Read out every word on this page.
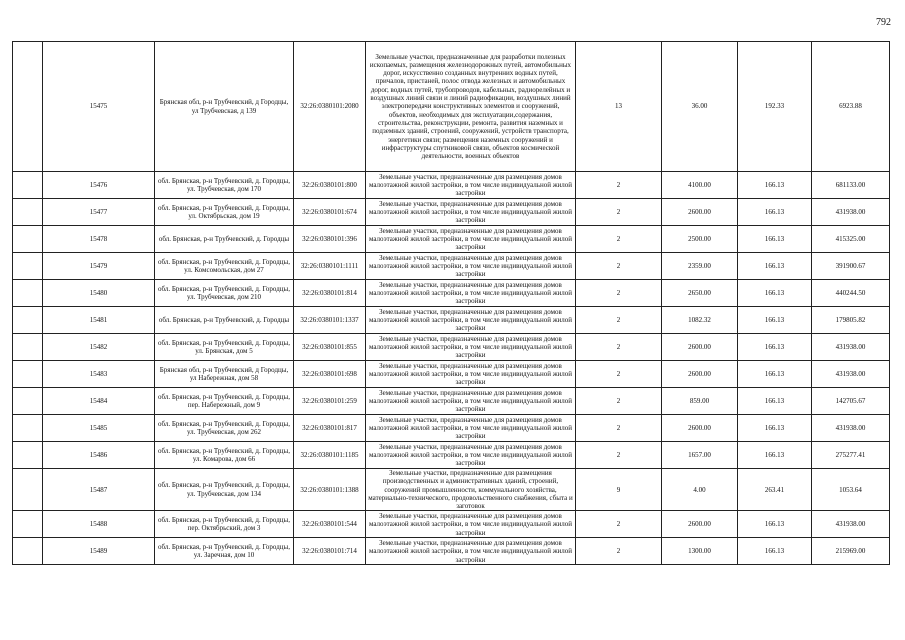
792
	15475	Брянская обл, р-н Трубчевский, д Городцы, ул Трубчевская, д 139	32:26:0380101:2080	Земельные участки, предназначенные для разработки полезных ископаемых, размещения железнодорожных путей, автомобильных дорог, искусственно созданных внутренних водных путей, причалов, пристаней, полос отвода железных и автомобильных дорог, водных путей, трубопроводов, кабельных, радиорелейных и воздушных линий связи и линий радиофикации, воздушных линий электропередачи конструктивных элементов и сооружений, объектов, необходимых для эксплуатации,содержания, строительства, реконструкции, ремонта, развития наземных и подземных зданий, строений, сооружений, устройств транспорта, энергетики связи; размещения наземных сооружений и инфраструктуры спутниковой связи, объектов космической деятельности, военных объектов	13	36.00	192.33	6923.88
	15476	обл. Брянская, р-н Трубчевский, д. Городцы, ул. Трубчевская, дом 170	32:26:0380101:800	Земельные участки, предназначенные для размещения домов малоэтажной жилой застройки, в том числе индивидуальной жилой застройки	2	4100.00	166.13	681133.00
	15477	обл. Брянская, р-н Трубчевский, д. Городцы, ул. Октябрьская, дом 19	32:26:0380101:674	Земельные участки, предназначенные для размещения домов малоэтажной жилой застройки, в том числе индивидуальной жилой застройки	2	2600.00	166.13	431938.00
	15478	обл. Брянская, р-н Трубчевский, д. Городцы	32:26:0380101:396	Земельные участки, предназначенные для размещения домов малоэтажной жилой застройки, в том числе индивидуальной жилой застройки	2	2500.00	166.13	415325.00
	15479	обл. Брянская, р-н Трубчевский, д. Городцы, ул. Комсомольская, дом 27	32:26:0380101:1111	Земельные участки, предназначенные для размещения домов малоэтажной жилой застройки, в том числе индивидуальной жилой застройки	2	2359.00	166.13	391900.67
	15480	обл. Брянская, р-н Трубчевский, д. Городцы, ул. Трубчевская, дом 210	32:26:0380101:814	Земельные участки, предназначенные для размещения домов малоэтажной жилой застройки, в том числе индивидуальной жилой застройки	2	2650.00	166.13	440244.50
	15481	обл. Брянская, р-н Трубчевский, д. Городцы	32:26:0380101:1337	Земельные участки, предназначенные для размещения домов малоэтажной жилой застройки, в том числе индивидуальной жилой застройки	2	1082.32	166.13	179805.82
	15482	обл. Брянская, р-н Трубчевский, д. Городцы, ул. Брянская, дом 5	32:26:0380101:855	Земельные участки, предназначенные для размещения домов малоэтажной жилой застройки, в том числе индивидуальной жилой застройки	2	2600.00	166.13	431938.00
	15483	Брянская обл, р-н Трубчевский, д Городцы, ул Набережная, дом 58	32:26:0380101:698	Земельные участки, предназначенные для размещения домов малоэтажной жилой застройки, в том числе индивидуальной жилой застройки	2	2600.00	166.13	431938.00
	15484	обл. Брянская, р-н Трубчевский, д. Городцы, пер. Набережный, дом 9	32:26:0380101:259	Земельные участки, предназначенные для размещения домов малоэтажной жилой застройки, в том числе индивидуальной жилой застройки	2	859.00	166.13	142705.67
	15485	обл. Брянская, р-н Трубчевский, д. Городцы, ул. Трубчевская, дом 262	32:26:0380101:817	Земельные участки, предназначенные для размещения домов малоэтажной жилой застройки, в том числе индивидуальной жилой застройки	2	2600.00	166.13	431938.00
	15486	обл. Брянская, р-н Трубчевский, д. Городцы, ул. Комарова, дом 66	32:26:0380101:1185	Земельные участки, предназначенные для размещения домов малоэтажной жилой застройки, в том числе индивидуальной жилой застройки	2	1657.00	166.13	275277.41
	15487	обл. Брянская, р-н Трубчевский, д. Городцы, ул. Трубчевская, дом 134	32:26:0380101:1388	Земельные участки, предназначенные для размещения производственных и административных зданий, строений, сооружений промышленности, коммунального хозяйства, материально-технического, продовольственного снабжения, сбыта и заготовок	9	4.00	263.41	1053.64
	15488	обл. Брянская, р-н Трубчевский, д. Городцы, пер. Октябрьский, дом 3	32:26:0380101:544	Земельные участки, предназначенные для размещения домов малоэтажной жилой застройки, в том числе индивидуальной жилой застройки	2	2600.00	166.13	431938.00
	15489	обл. Брянская, р-н Трубчевский, д. Городцы, ул. Заречная, дом 10	32:26:0380101:714	Земельные участки, предназначенные для размещения домов малоэтажной жилой застройки, в том числе индивидуальной жилой застройки	2	1300.00	166.13	215969.00
